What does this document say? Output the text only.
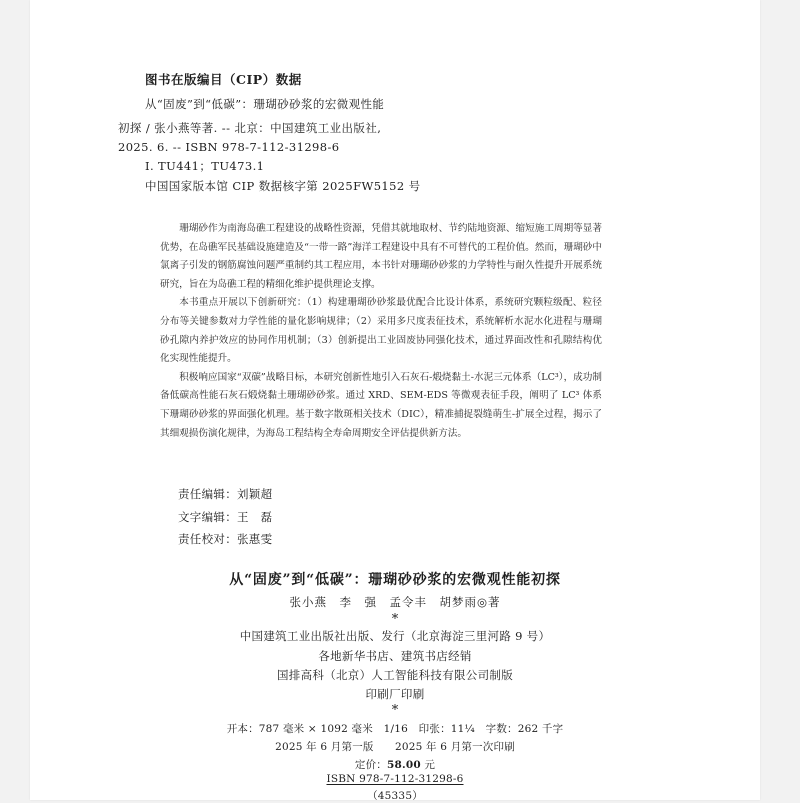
图书在版编目（CIP）数据
从“固废”到“低碳”：珊瑚砂砂浆的宏微观性能
初探 / 张小燕等著. -- 北京：中国建筑工业出版社,
2025. 6. -- ISBN 978-7-112-31298-6
Ⅰ. TU441；TU473.1
中国国家版本馆 CIP 数据核字第 2025FW5152 号

珊瑚砂作为南海岛礁工程建设的战略性资源，凭借其就地取材、节约陆地资源、缩短施工周期等显著优势，在岛礁军民基础设施建造及“一带一路”海洋工程建设中具有不可替代的工程价值。然而，珊瑚砂中氯离子引发的钢筋腐蚀问题严重制约其工程应用，本书针对珊瑚砂砂浆的力学特性与耐久性提升开展系统研究，旨在为岛礁工程的精细化维护提供理论支撑。

本书重点开展以下创新研究：（1）构建珊瑚砂砂浆最优配合比设计体系，系统研究颗粒级配、粒径分布等关键参数对力学性能的量化影响规律；（2）采用多尺度表征技术，系统解析水泥水化进程与珊瑚砂孔隙内养护效应的协同作用机制；（3）创新提出工业固废协同强化技术，通过界面改性和孔隙结构优化实现性能提升。

积极响应国家“双碳”战略目标，本研究创新性地引入石灰石-煅烧黏土-水泥三元体系（LC³），成功制备低碳高性能石灰石煅烧黏土珊瑚砂砂浆。通过 XRD、SEM-EDS 等微观表征手段，阐明了 LC³ 体系下珊瑚砂砂浆的界面强化机理。基于数字散斑相关技术（DIC），精准捕捉裂缝萌生-扩展全过程，揭示了其细观损伤演化规律，为海岛工程结构全寿命周期安全评估提供新方法。

责任编辑：刘颖超
文字编辑：王　磊
责任校对：张惠雯
从“固废”到“低碳”：珊瑚砂砂浆的宏微观性能初探
张小燕　李　强　孟令丰　胡梦雨◎著
*
中国建筑工业出版社出版、发行（北京海淀三里河路 9 号）
各地新华书店、建筑书店经销
国排高科（北京）人工智能科技有限公司制版
印刷厂印刷
*
开本：787 毫米 × 1092 毫米　1/16　印张：11¼　字数：262 千字
2025 年 6 月第一版　　2025 年 6 月第一次印刷
定价：58.00 元
ISBN 978-7-112-31298-6
（45335）
